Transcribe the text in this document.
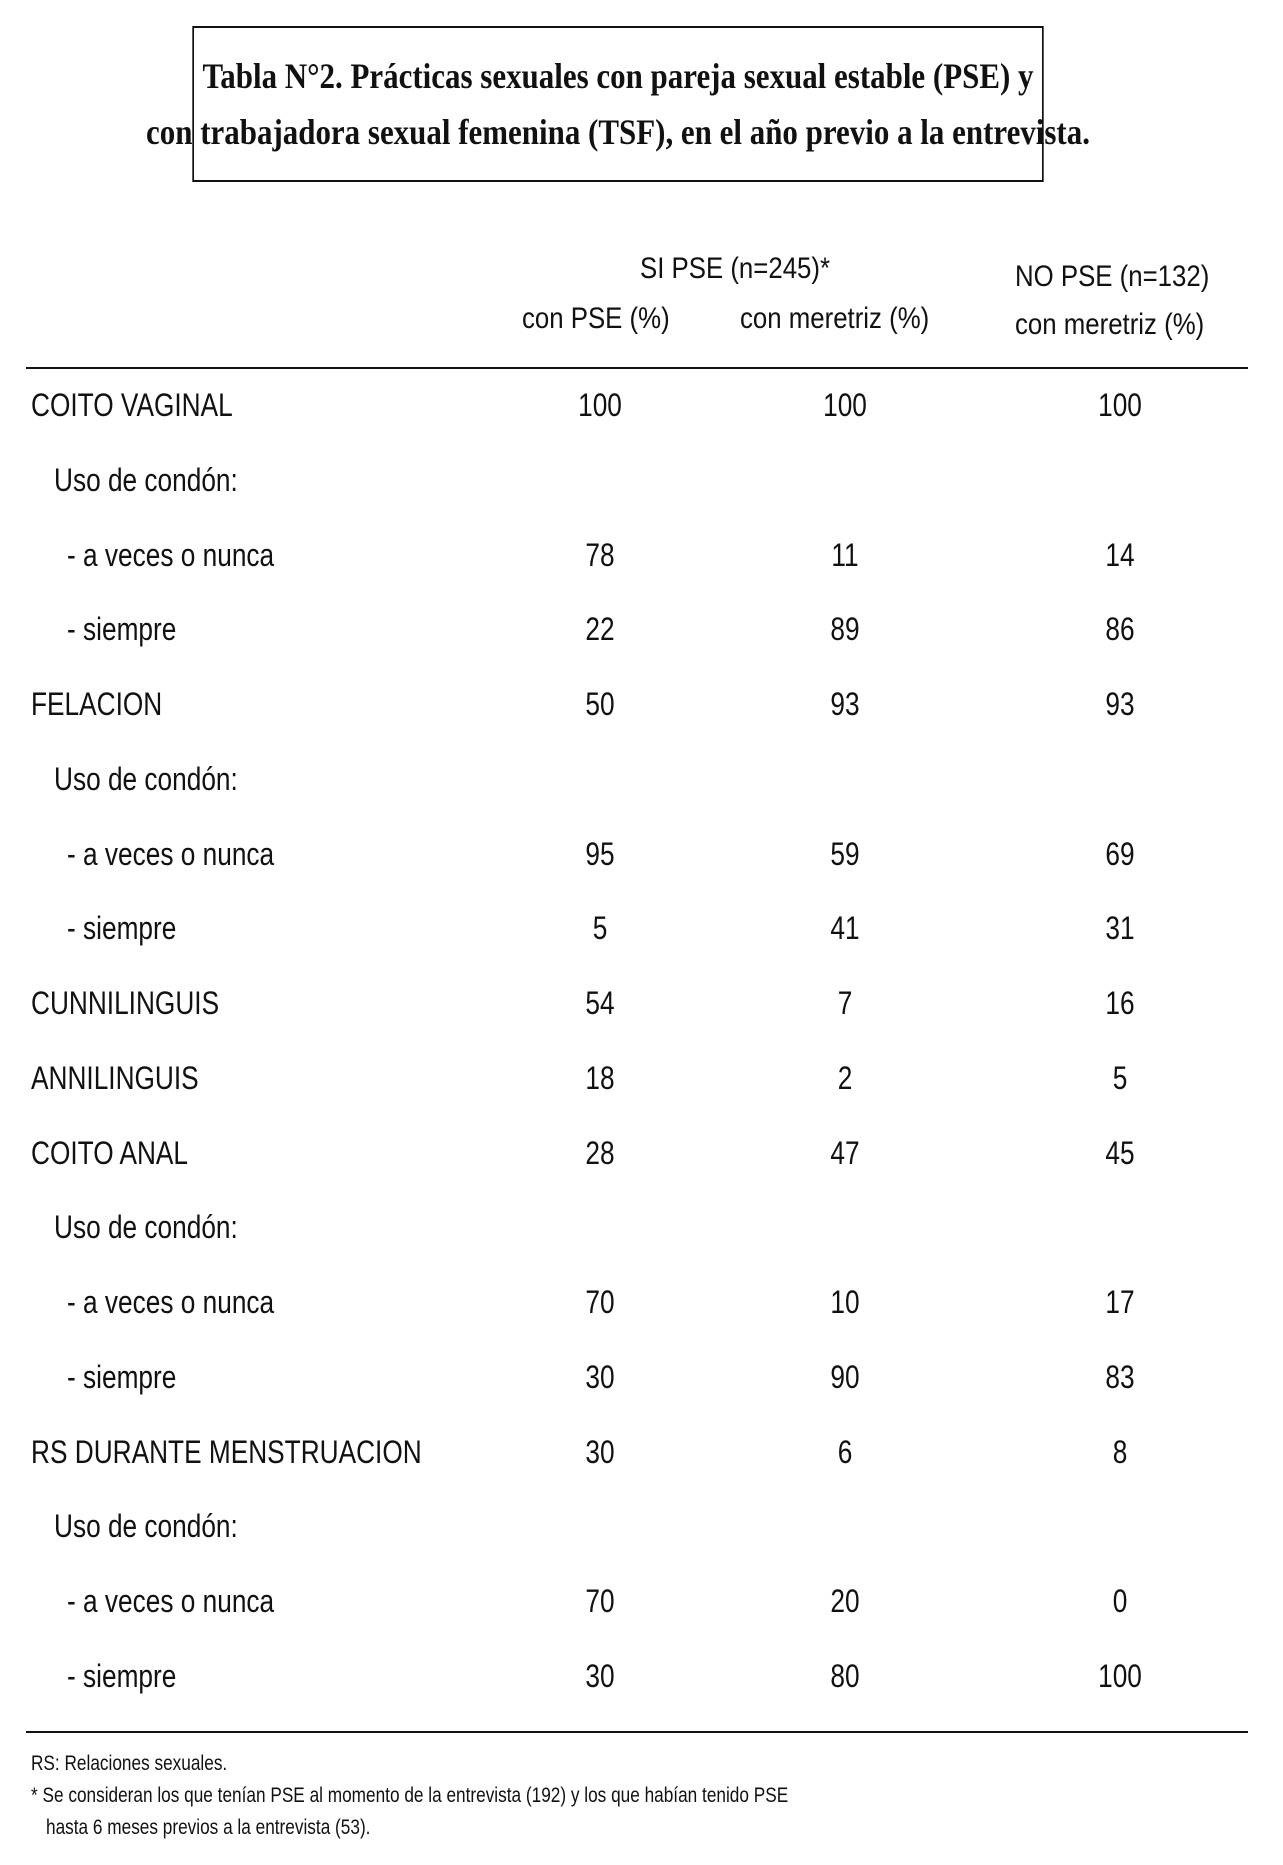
Tabla N°2. Prácticas sexuales con pareja sexual estable (PSE) y
con trabajadora sexual femenina (TSF), en el año previo a la entrevista.
SI PSE (n=245)*
con PSE (%) con meretriz (%)
NO PSE (n=132)
con meretriz (%)
COITO VAGINAL	100	100	100
Uso de condón:
- a veces o nunca	78	11	14
- siempre	22	89	86
FELACION	50	93	93
Uso de condón:
- a veces o nunca	95	59	69
- siempre	5	41	31
CUNNILINGUIS	54	7	16
ANNILINGUIS	18	2	5
COITO ANAL	28	47	45
Uso de condón:
- a veces o nunca	70	10	17
- siempre	30	90	83
RS DURANTE MENSTRUACION	30	6	8
Uso de condón:
- a veces o nunca	70	20	0
- siempre	30	80	100
RS: Relaciones sexuales.
* Se consideran los que tenían PSE al momento de la entrevista (192) y los que habían tenido PSE
hasta 6 meses previos a la entrevista (53).
